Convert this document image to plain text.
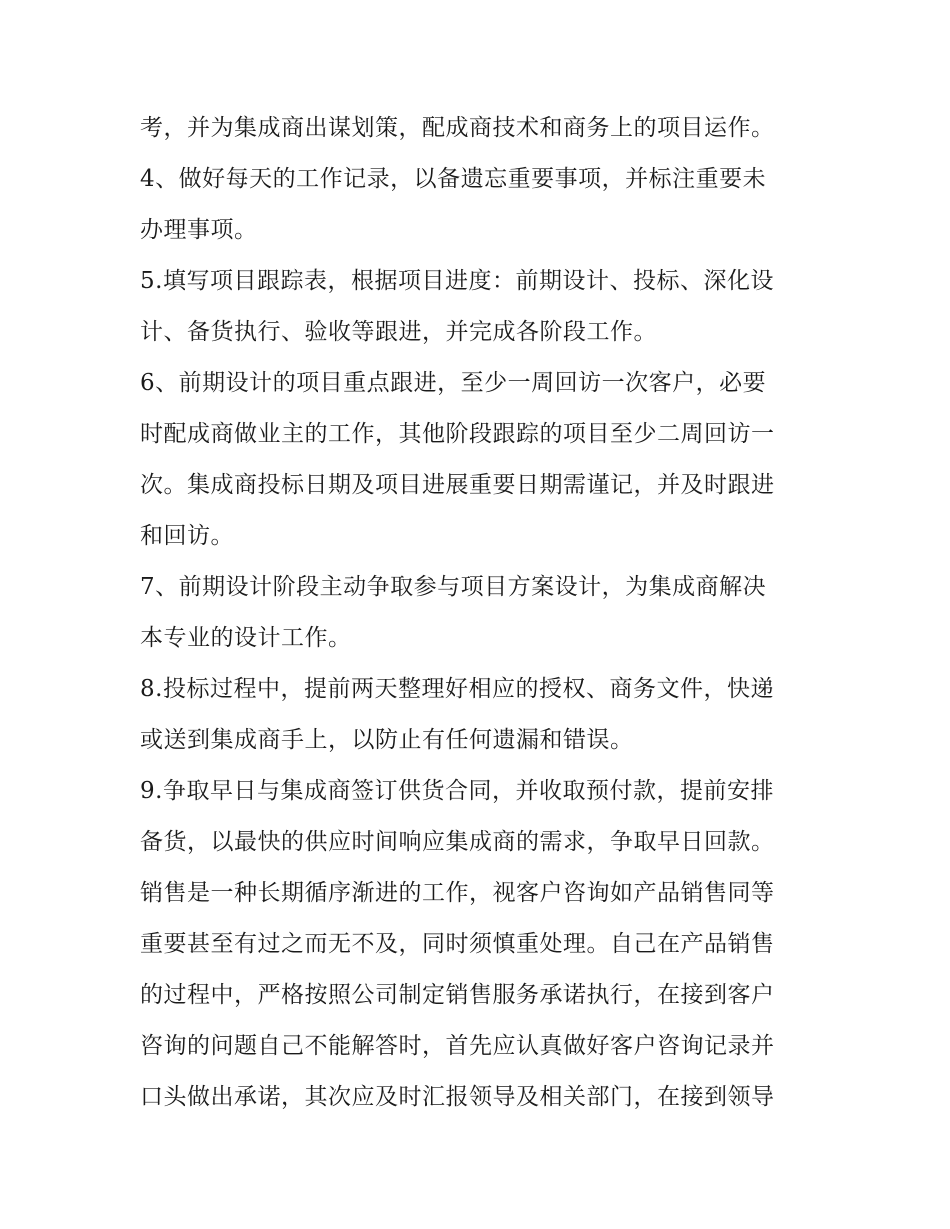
考，并为集成商出谋划策，配成商技术和商务上的项目运作。
4、做好每天的工作记录，以备遗忘重要事项，并标注重要未
办理事项。
5.填写项目跟踪表，根据项目进度：前期设计、投标、深化设
计、备货执行、验收等跟进，并完成各阶段工作。
6、前期设计的项目重点跟进，至少一周回访一次客户，必要
时配成商做业主的工作，其他阶段跟踪的项目至少二周回访一
次。集成商投标日期及项目进展重要日期需谨记，并及时跟进
和回访。
7、前期设计阶段主动争取参与项目方案设计，为集成商解决
本专业的设计工作。
8.投标过程中，提前两天整理好相应的授权、商务文件，快递
或送到集成商手上，以防止有任何遗漏和错误。
9.争取早日与集成商签订供货合同，并收取预付款，提前安排
备货，以最快的供应时间响应集成商的需求，争取早日回款。
销售是一种长期循序渐进的工作，视客户咨询如产品销售同等
重要甚至有过之而无不及，同时须慎重处理。自己在产品销售
的过程中，严格按照公司制定销售服务承诺执行，在接到客户
咨询的问题自己不能解答时，首先应认真做好客户咨询记录并
口头做出承诺，其次应及时汇报领导及相关部门，在接到领导
